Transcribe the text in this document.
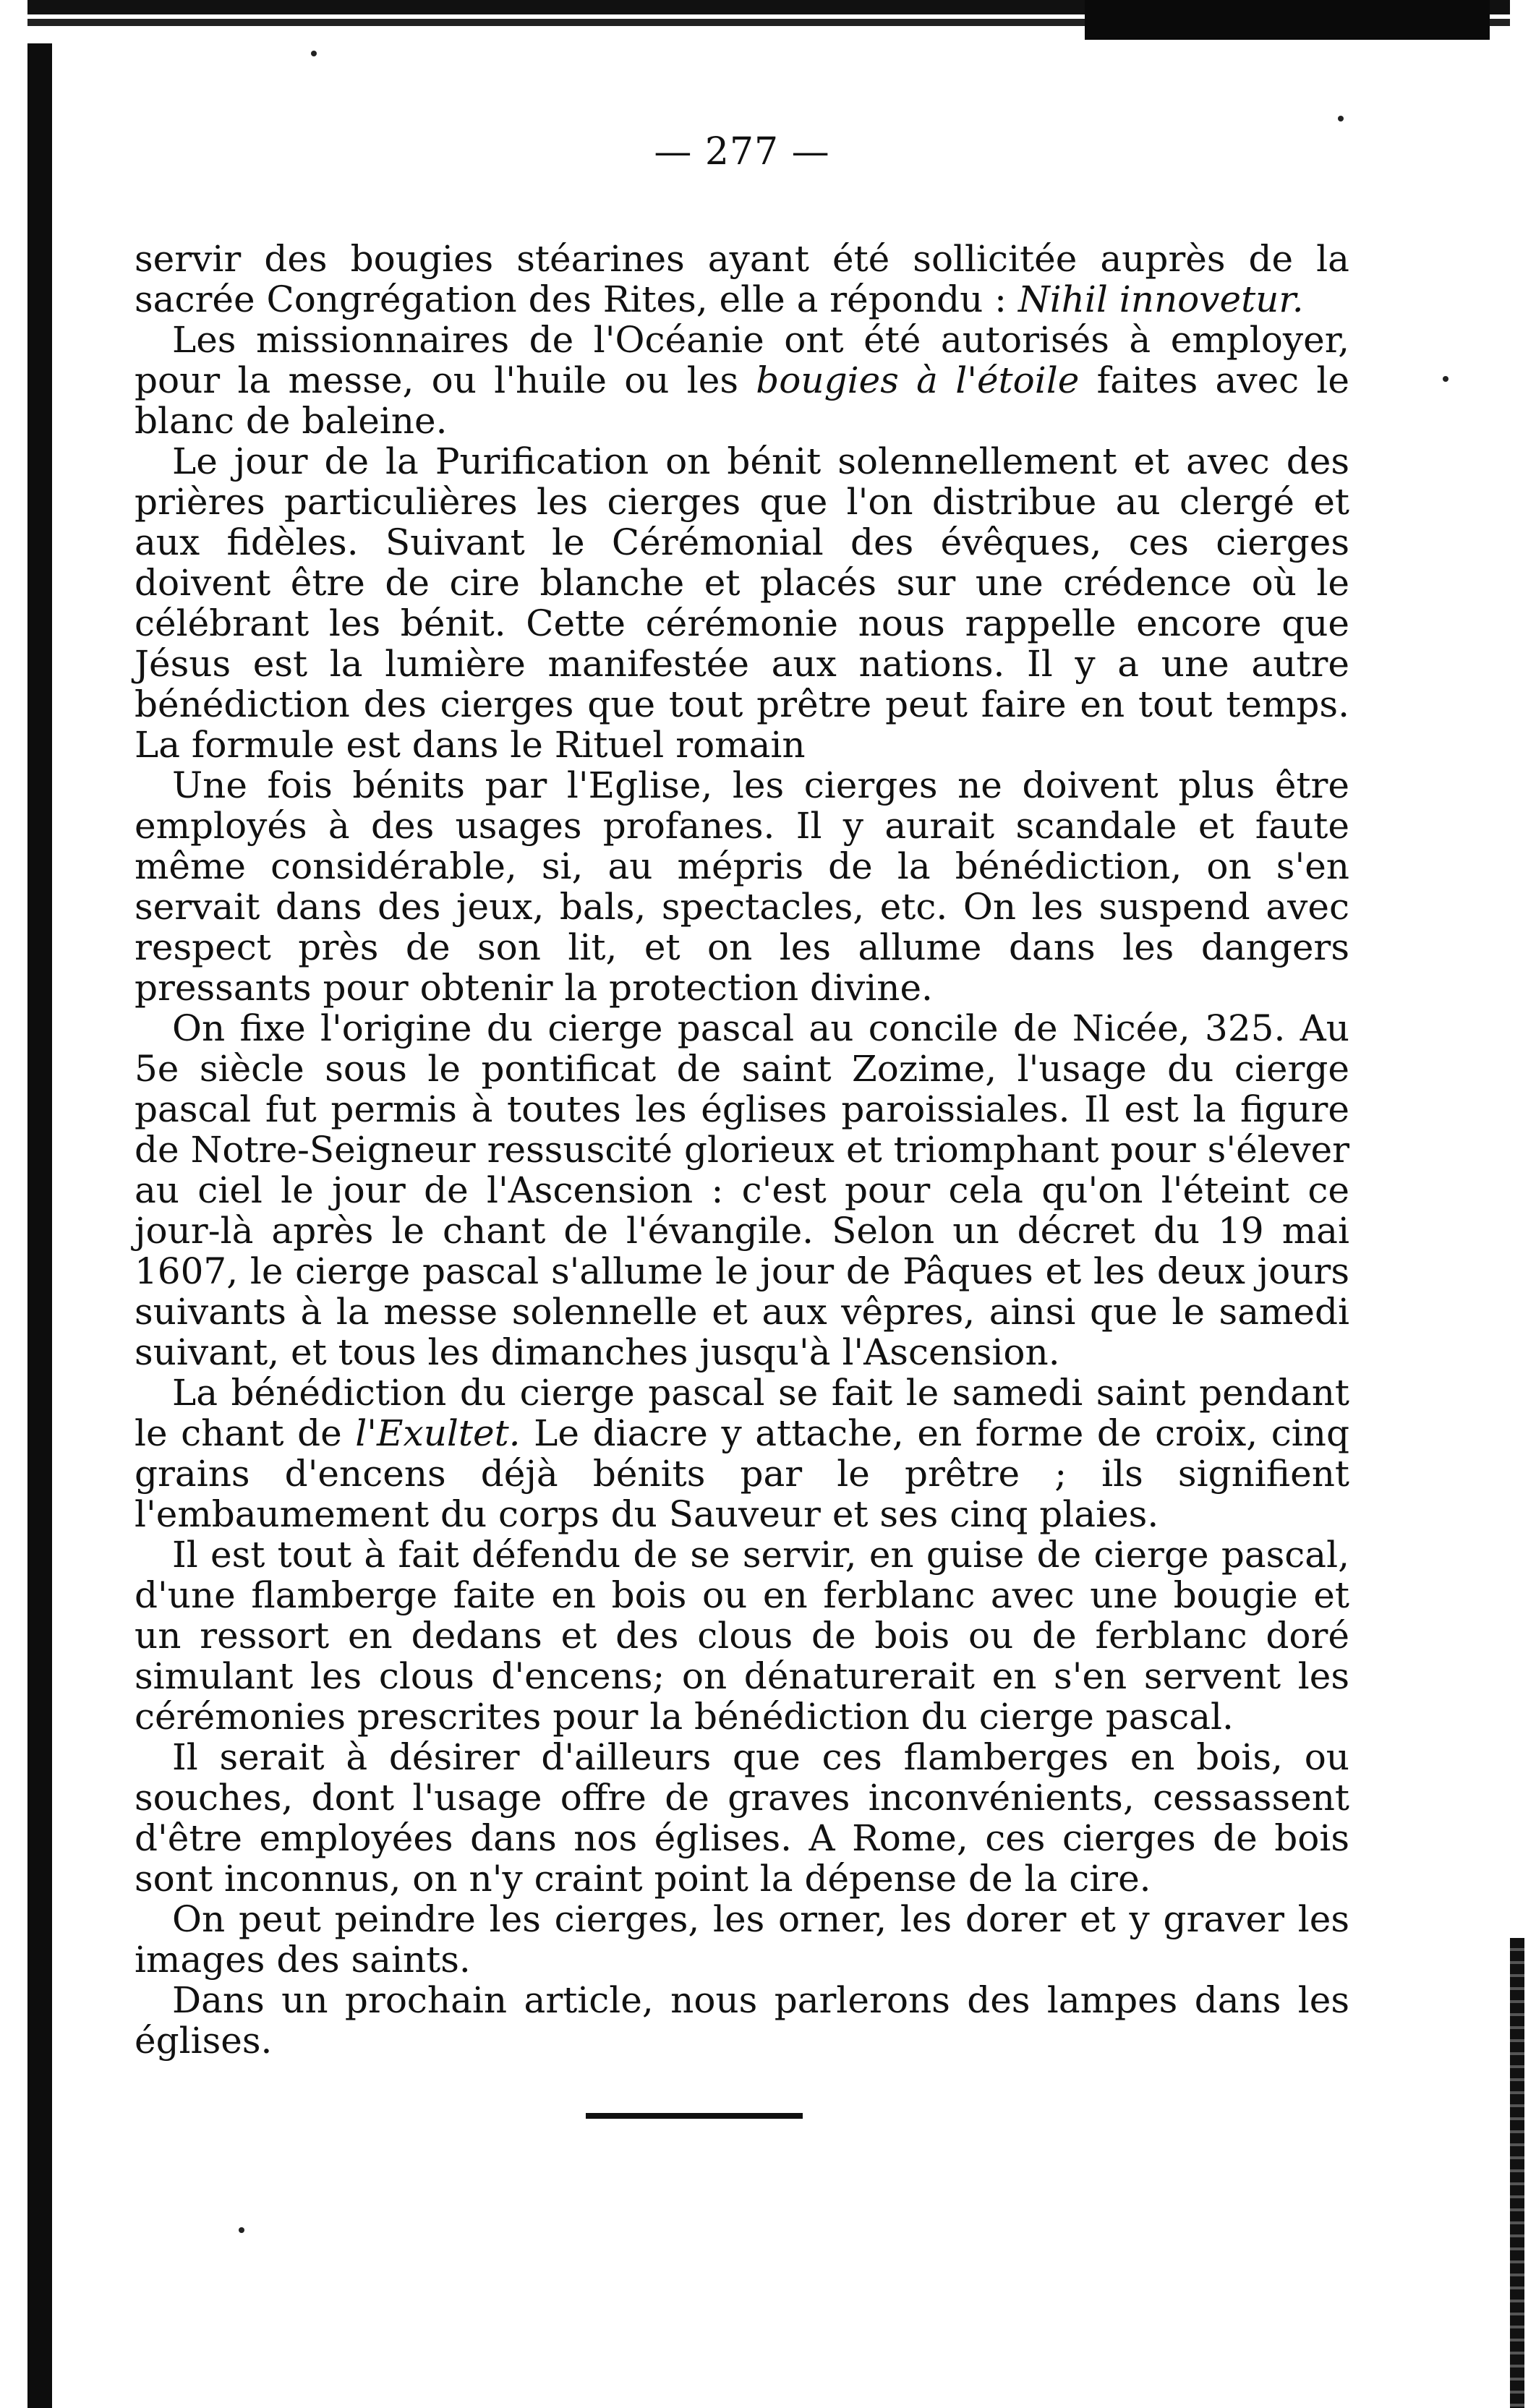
— 277 —

servir des bougies stéarines ayant été sollicitée auprès de la sacrée Congrégation des Rites, elle a répondu : Nihil innovetur.

Les missionnaires de l'Océanie ont été autorisés à employer, pour la messe, ou l'huile ou les bougies à l'étoile faites avec le blanc de baleine.

Le jour de la Purification on bénit solennellement et avec des prières particulières les cierges que l'on distribue au clergé et aux fidèles. Suivant le Cérémonial des évêques, ces cierges doivent être de cire blanche et placés sur une crédence où le célébrant les bénit. Cette cérémonie nous rappelle encore que Jésus est la lumière manifestée aux nations. Il y a une autre bénédiction des cierges que tout prêtre peut faire en tout temps. La formule est dans le Rituel romain

Une fois bénits par l'Eglise, les cierges ne doivent plus être employés à des usages profanes. Il y aurait scandale et faute même considérable, si, au mépris de la bénédiction, on s'en servait dans des jeux, bals, spectacles, etc. On les suspend avec respect près de son lit, et on les allume dans les dangers pressants pour obtenir la protection divine.

On fixe l'origine du cierge pascal au concile de Nicée, 325. Au 5e siècle sous le pontificat de saint Zozime, l'usage du cierge pascal fut permis à toutes les églises paroissiales. Il est la figure de Notre-Seigneur ressuscité glorieux et triomphant pour s'élever au ciel le jour de l'Ascension : c'est pour cela qu'on l'éteint ce jour-là après le chant de l'évangile. Selon un décret du 19 mai 1607, le cierge pascal s'allume le jour de Pâques et les deux jours suivants à la messe solennelle et aux vêpres, ainsi que le samedi suivant, et tous les dimanches jusqu'à l'Ascension.

La bénédiction du cierge pascal se fait le samedi saint pendant le chant de l'Exultet. Le diacre y attache, en forme de croix, cinq grains d'encens déjà bénits par le prêtre ; ils signifient l'embaumement du corps du Sauveur et ses cinq plaies.

Il est tout à fait défendu de se servir, en guise de cierge pascal, d'une flamberge faite en bois ou en ferblanc avec une bougie et un ressort en dedans et des clous de bois ou de ferblanc doré simulant les clous d'encens; on dénaturerait en s'en servent les cérémonies prescrites pour la bénédiction du cierge pascal.

Il serait à désirer d'ailleurs que ces flamberges en bois, ou souches, dont l'usage offre de graves inconvénients, cessassent d'être employées dans nos églises. A Rome, ces cierges de bois sont inconnus, on n'y craint point la dépense de la cire.

On peut peindre les cierges, les orner, les dorer et y graver les images des saints.

Dans un prochain article, nous parlerons des lampes dans les églises.
